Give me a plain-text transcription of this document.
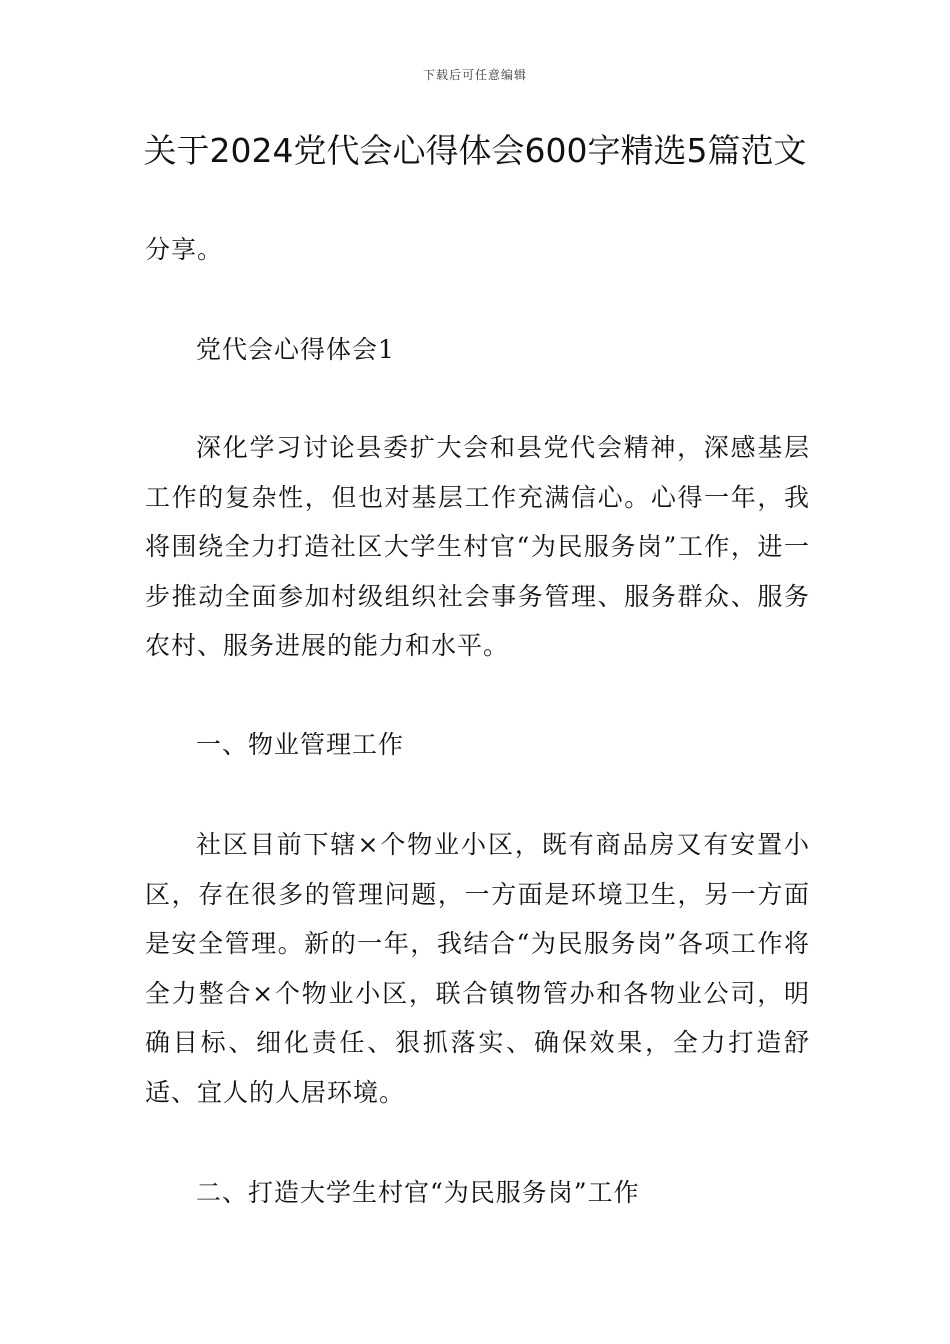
下载后可任意编辑
关于2024党代会心得体会600字精选5篇范文

分享。

党代会心得体会1

深化学习讨论县委扩大会和县党代会精神，深感基层工作的复杂性，但也对基层工作充满信心。心得一年，我将围绕全力打造社区大学生村官“为民服务岗”工作，进一步推动全面参加村级组织社会事务管理、服务群众、服务农村、服务进展的能力和水平。

一、物业管理工作

社区目前下辖×个物业小区，既有商品房又有安置小区，存在很多的管理问题，一方面是环境卫生，另一方面是安全管理。新的一年，我结合“为民服务岗”各项工作将全力整合×个物业小区，联合镇物管办和各物业公司，明确目标、细化责任、狠抓落实、确保效果，全力打造舒适、宜人的人居环境。

二、打造大学生村官“为民服务岗”工作
